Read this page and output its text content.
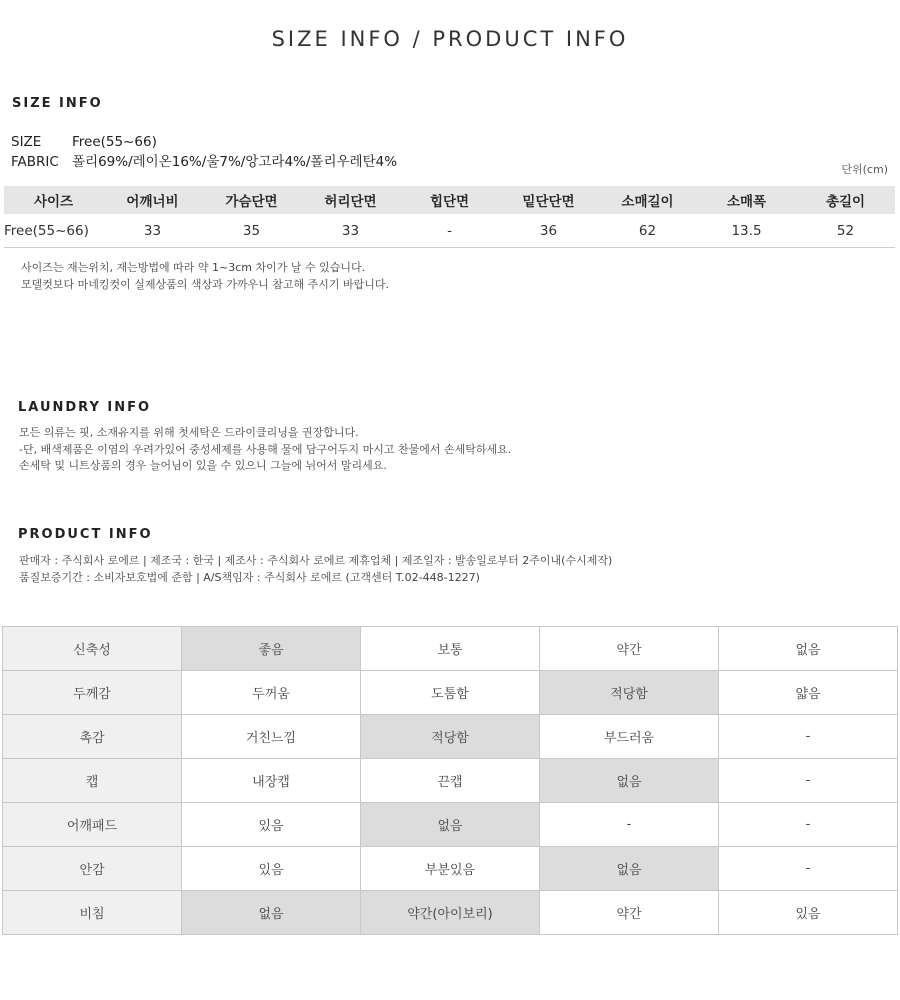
SIZE INFO / PRODUCT INFO
SIZE INFO
SIZE Free(55~66)
FABRIC 폴리69%/레이온16%/울7%/앙고라4%/폴리우레탄4%	단위(cm)
사이즈	어깨너비	가슴단면	허리단면	힙단면	밑단단면	소매길이	소매폭	총길이
Free(55~66)	33	35	33	-	36	62	13.5	52
사이즈는 재는위치, 재는방법에 따라 약 1~3cm 차이가 날 수 있습니다.
모델컷보다 마네킹컷이 실제상품의 색상과 가까우니 참고해 주시기 바랍니다.
LAUNDRY INFO
모든 의류는 핏, 소재유지를 위해 첫세탁은 드라이클리닝을 권장합니다.
-단, 배색제품은 이염의 우려가있어 중성세제를 사용해 물에 담구어두지 마시고 찬물에서 손세탁하세요.
손세탁 및 니트상품의 경우 늘어님이 있을 수 있으니 그늘에 뉘어서 말리세요.
PRODUCT INFO
판매자 : 주식회사 로에르 | 제조국 : 한국 | 제조사 : 주식회사 로에르 제휴업체 | 제조일자 : 발송일로부터 2주이내(수시제작)
품질보증기간 : 소비자보호법에 준함 | A/S책임자 : 주식회사 로에르 (고객센터 T.02-448-1227)
신축성	좋음	보통	약간	없음
두께감	두꺼움	도톰함	적당함	얇음
촉감	거친느낌	적당함	부드러움	-
캡	내장캡	끈캡	없음	-
어깨패드	있음	없음	-	-
안감	있음	부분있음	없음	-
비침	없음	약간(아이보리)	약간	있음
